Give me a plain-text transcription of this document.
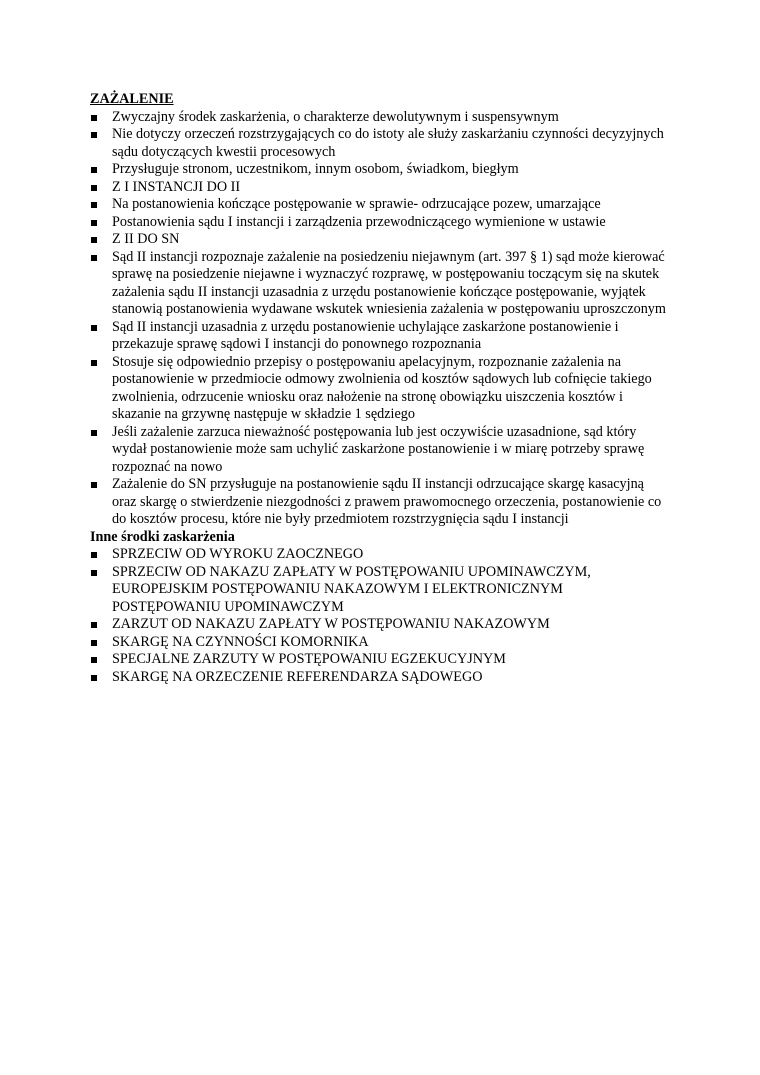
ZAŻALENIE
Zwyczajny środek zaskarżenia, o charakterze dewolutywnym i suspensywnym
Nie dotyczy orzeczeń rozstrzygających co do istoty ale służy zaskarżaniu czynności decyzyjnych sądu dotyczących kwestii procesowych
Przysługuje stronom, uczestnikom, innym osobom, świadkom, biegłym
Z I INSTANCJI DO II
Na postanowienia kończące postępowanie w sprawie- odrzucające pozew, umarzające
Postanowienia sądu I instancji i zarządzenia przewodniczącego wymienione w ustawie
Z II DO SN
Sąd II instancji rozpoznaje zażalenie na posiedzeniu niejawnym (art. 397 § 1) sąd może kierować sprawę na posiedzenie niejawne i wyznaczyć rozprawę, w postępowaniu toczącym się na skutek zażalenia sądu II instancji uzasadnia z urzędu postanowienie kończące postępowanie, wyjątek stanowią postanowienia wydawane wskutek wniesienia zażalenia w postępowaniu uproszczonym
Sąd II instancji uzasadnia z urzędu postanowienie uchylające zaskarżone postanowienie i przekazuje sprawę sądowi I instancji do ponownego rozpoznania
Stosuje się odpowiednio przepisy o postępowaniu apelacyjnym, rozpoznanie zażalenia na postanowienie w przedmiocie odmowy zwolnienia od kosztów sądowych lub cofnięcie takiego zwolnienia, odrzucenie wniosku oraz nałożenie na stronę obowiązku uiszczenia kosztów i skazanie na grzywnę następuje w składzie 1 sędziego
Jeśli zażalenie zarzuca nieważność postępowania lub jest oczywiście uzasadnione, sąd który wydał postanowienie może sam uchylić zaskarżone postanowienie i w miarę potrzeby sprawę rozpoznać na nowo
Zażalenie do SN przysługuje na postanowienie sądu II instancji odrzucające skargę kasacyjną oraz skargę o stwierdzenie niezgodności z prawem prawomocnego orzeczenia, postanowienie co do kosztów procesu, które nie były przedmiotem rozstrzygnięcia sądu I instancji
Inne środki zaskarżenia
SPRZECIW OD WYROKU ZAOCZNEGO
SPRZECIW OD NAKAZU ZAPŁATY W POSTĘPOWANIU UPOMINAWCZYM, EUROPEJSKIM POSTĘPOWANIU NAKAZOWYM I ELEKTRONICZNYM POSTĘPOWANIU UPOMINAWCZYM
ZARZUT OD NAKAZU ZAPŁATY W POSTĘPOWANIU NAKAZOWYM
SKARGĘ NA CZYNNOŚCI KOMORNIKA
SPECJALNE ZARZUTY W POSTĘPOWANIU EGZEKUCYJNYM
SKARGĘ NA ORZECZENIE REFERENDARZA SĄDOWEGO
